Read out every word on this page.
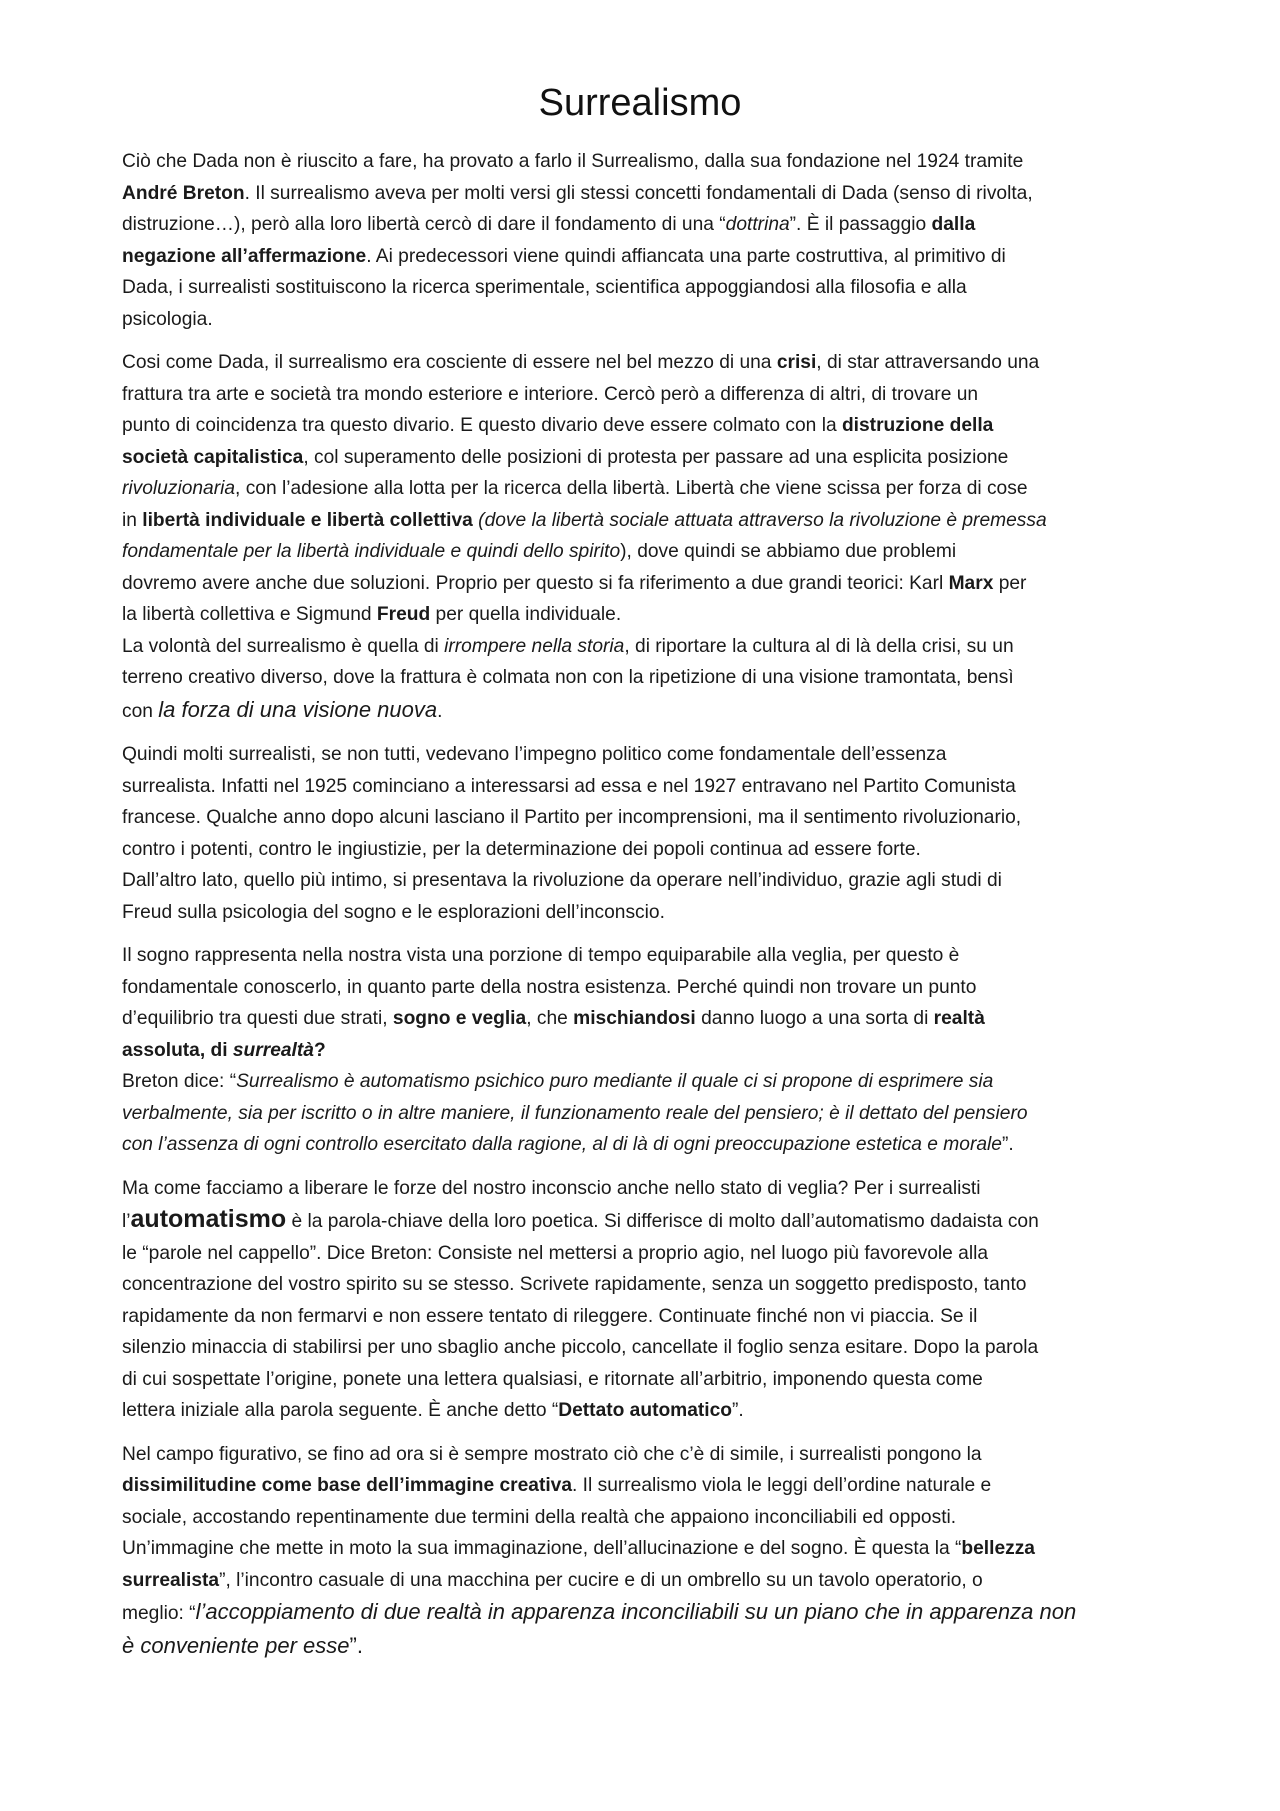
Surrealismo

Ciò che Dada non è riuscito a fare, ha provato a farlo il Surrealismo, dalla sua fondazione nel 1924 tramite
André Breton. Il surrealismo aveva per molti versi gli stessi concetti fondamentali di Dada (senso di rivolta,
distruzione…), però alla loro libertà cercò di dare il fondamento di una “dottrina”. È il passaggio dalla
negazione all’affermazione. Ai predecessori viene quindi affiancata una parte costruttiva, al primitivo di
Dada, i surrealisti sostituiscono la ricerca sperimentale, scientifica appoggiandosi alla filosofia e alla
psicologia.

Cosi come Dada, il surrealismo era cosciente di essere nel bel mezzo di una crisi, di star attraversando una
frattura tra arte e società tra mondo esteriore e interiore. Cercò però a differenza di altri, di trovare un
punto di coincidenza tra questo divario. E questo divario deve essere colmato con la distruzione della
società capitalistica, col superamento delle posizioni di protesta per passare ad una esplicita posizione
rivoluzionaria, con l’adesione alla lotta per la ricerca della libertà. Libertà che viene scissa per forza di cose
in libertà individuale e libertà collettiva (dove la libertà sociale attuata attraverso la rivoluzione è premessa
fondamentale per la libertà individuale e quindi dello spirito), dove quindi se abbiamo due problemi
dovremo avere anche due soluzioni. Proprio per questo si fa riferimento a due grandi teorici: Karl Marx per
la libertà collettiva e Sigmund Freud per quella individuale.
La volontà del surrealismo è quella di irrompere nella storia, di riportare la cultura al di là della crisi, su un
terreno creativo diverso, dove la frattura è colmata non con la ripetizione di una visione tramontata, bensì
con la forza di una visione nuova.

Quindi molti surrealisti, se non tutti, vedevano l’impegno politico come fondamentale dell’essenza
surrealista. Infatti nel 1925 cominciano a interessarsi ad essa e nel 1927 entravano nel Partito Comunista
francese. Qualche anno dopo alcuni lasciano il Partito per incomprensioni, ma il sentimento rivoluzionario,
contro i potenti, contro le ingiustizie, per la determinazione dei popoli continua ad essere forte.
Dall’altro lato, quello più intimo, si presentava la rivoluzione da operare nell’individuo, grazie agli studi di
Freud sulla psicologia del sogno e le esplorazioni dell’inconscio.

Il sogno rappresenta nella nostra vista una porzione di tempo equiparabile alla veglia, per questo è
fondamentale conoscerlo, in quanto parte della nostra esistenza. Perché quindi non trovare un punto
d’equilibrio tra questi due strati, sogno e veglia, che mischiandosi danno luogo a una sorta di realtà
assoluta, di surrealtà?
Breton dice: “Surrealismo è automatismo psichico puro mediante il quale ci si propone di esprimere sia
verbalmente, sia per iscritto o in altre maniere, il funzionamento reale del pensiero; è il dettato del pensiero
con l’assenza di ogni controllo esercitato dalla ragione, al di là di ogni preoccupazione estetica e morale”.

Ma come facciamo a liberare le forze del nostro inconscio anche nello stato di veglia? Per i surrealisti
l’automatismo è la parola-chiave della loro poetica. Si differisce di molto dall’automatismo dadaista con
le “parole nel cappello”. Dice Breton: Consiste nel mettersi a proprio agio, nel luogo più favorevole alla
concentrazione del vostro spirito su se stesso. Scrivete rapidamente, senza un soggetto predisposto, tanto
rapidamente da non fermarvi e non essere tentato di rileggere. Continuate finché non vi piaccia. Se il
silenzio minaccia di stabilirsi per uno sbaglio anche piccolo, cancellate il foglio senza esitare. Dopo la parola
di cui sospettate l’origine, ponete una lettera qualsiasi, e ritornate all’arbitrio, imponendo questa come
lettera iniziale alla parola seguente. È anche detto “Dettato automatico”.

Nel campo figurativo, se fino ad ora si è sempre mostrato ciò che c’è di simile, i surrealisti pongono la
dissimilitudine come base dell’immagine creativa. Il surrealismo viola le leggi dell’ordine naturale e
sociale, accostando repentinamente due termini della realtà che appaiono inconciliabili ed opposti.
Un’immagine che mette in moto la sua immaginazione, dell’allucinazione e del sogno. È questa la “bellezza
surrealista”, l’incontro casuale di una macchina per cucire e di un ombrello su un tavolo operatorio, o
meglio: “l’accoppiamento di due realtà in apparenza inconciliabili su un piano che in apparenza non
è conveniente per esse”.
